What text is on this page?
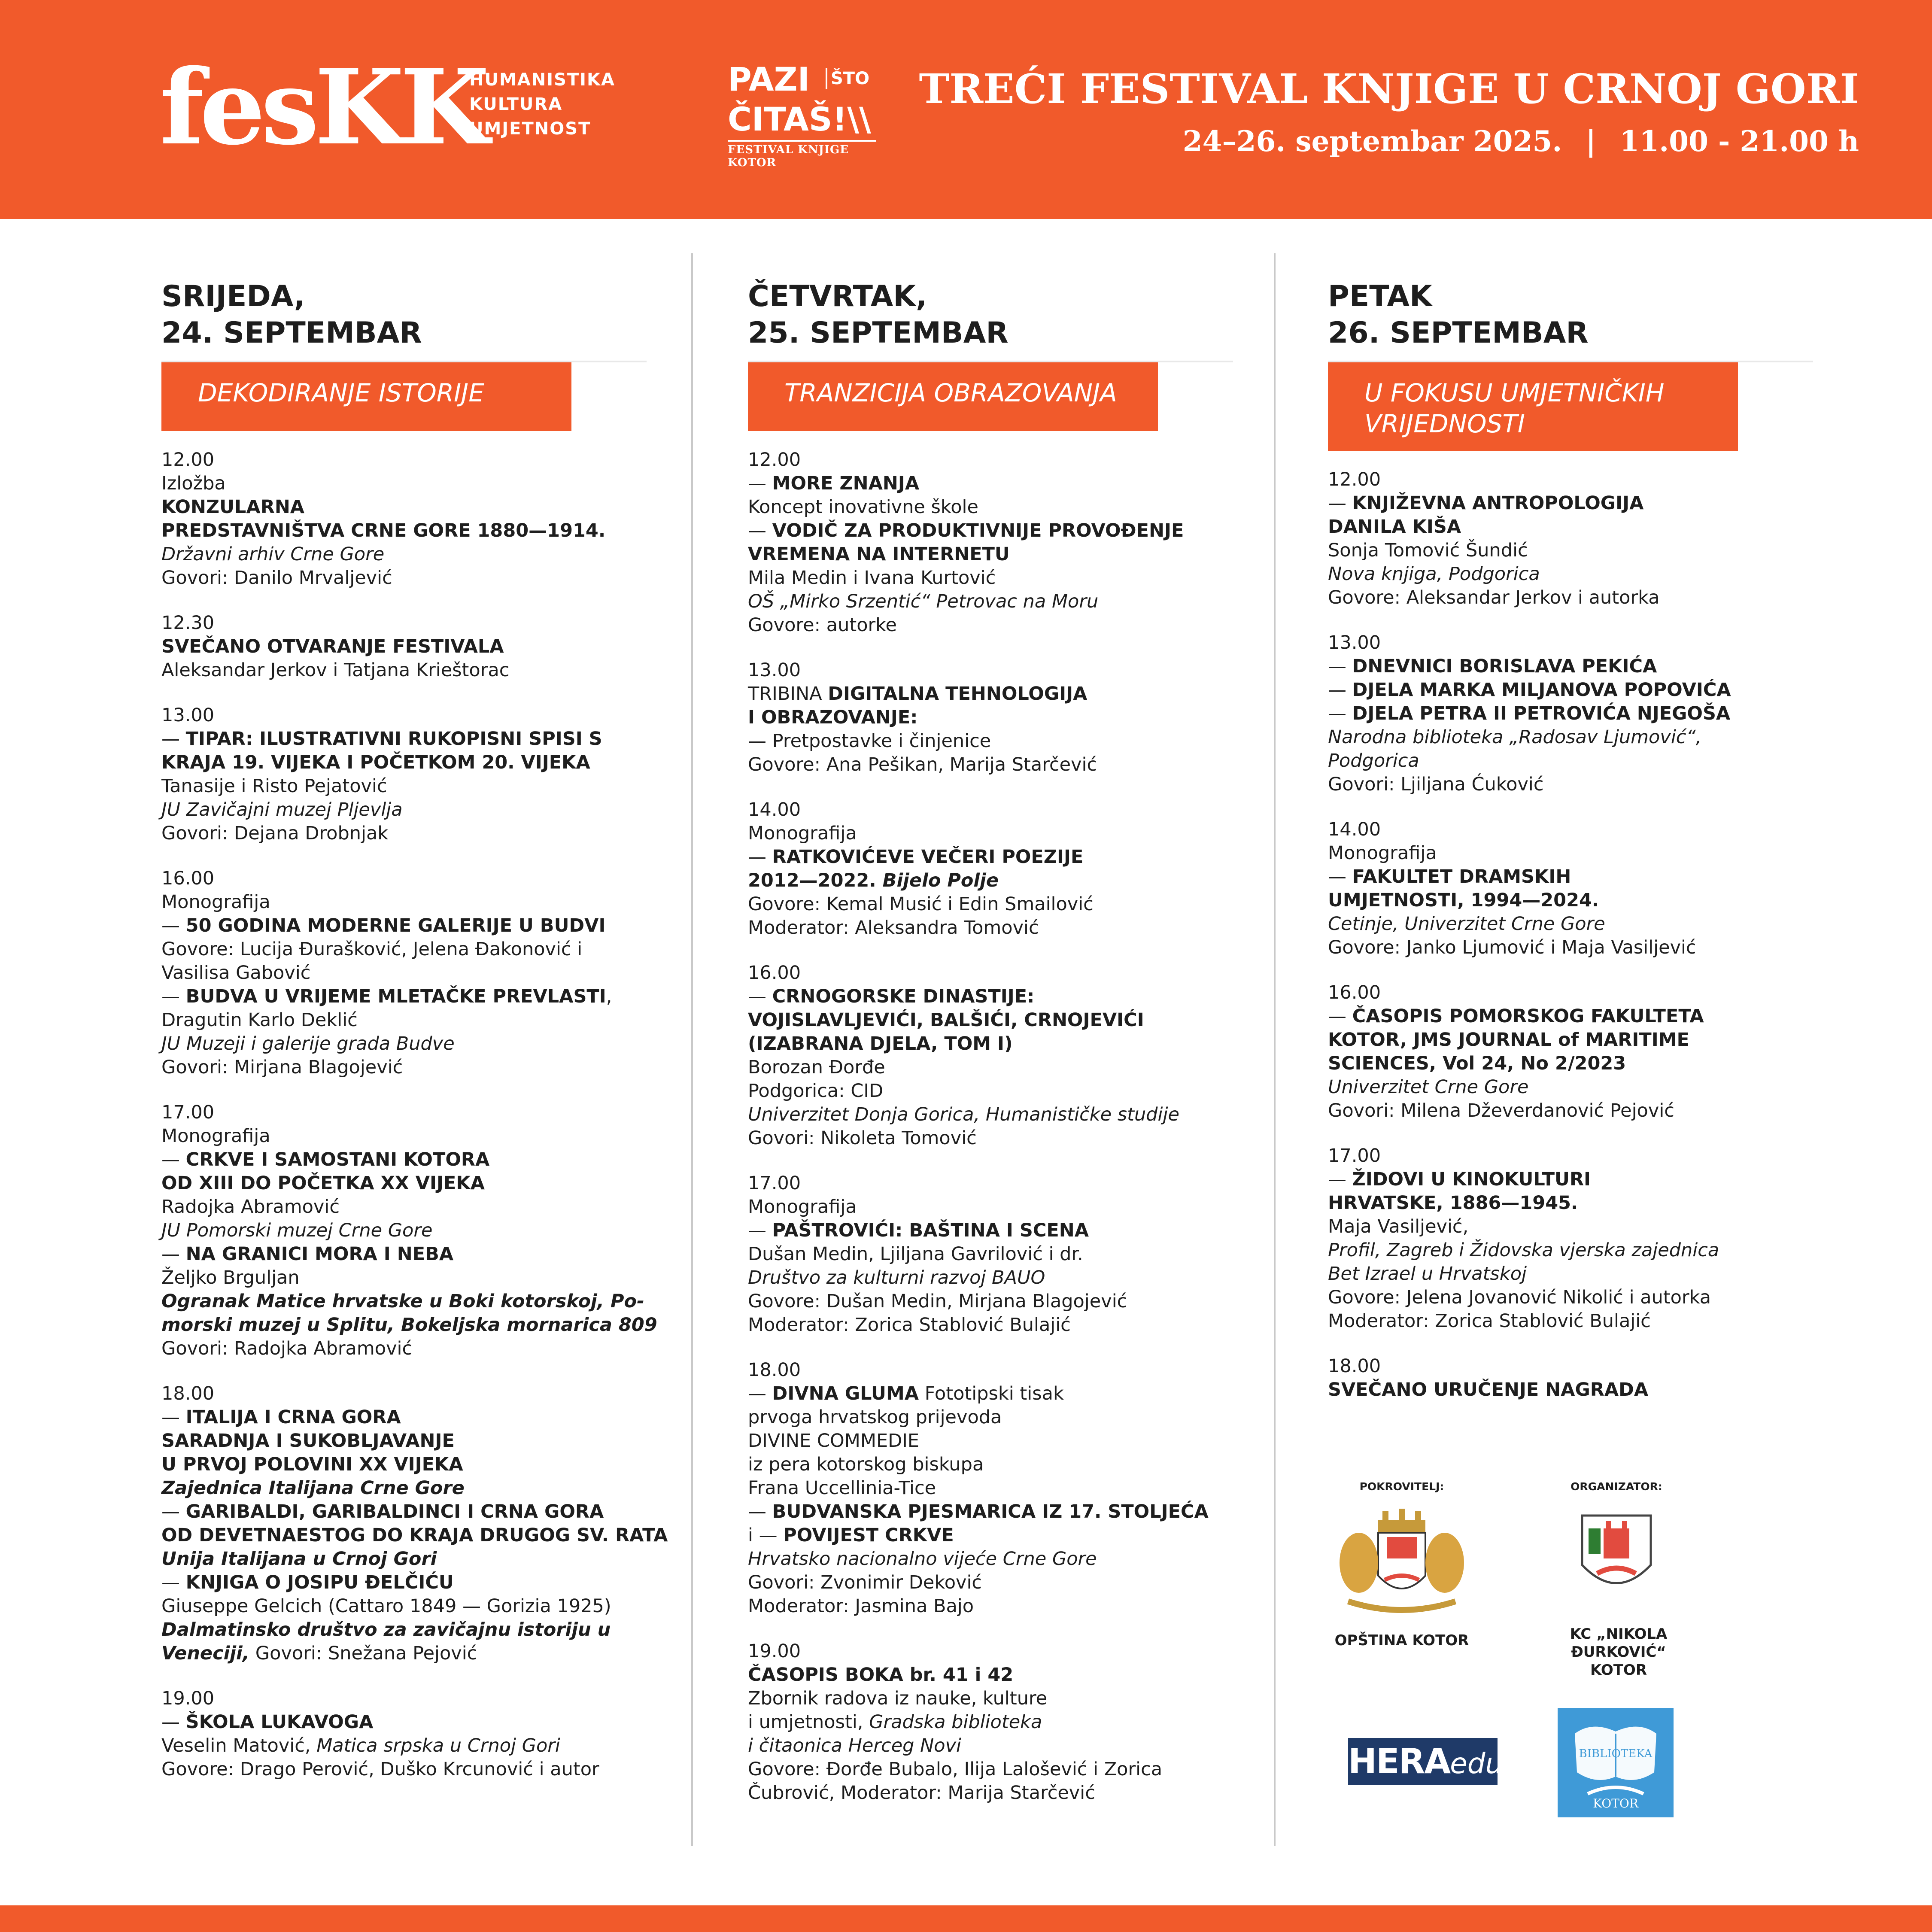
fesKK
HUMANISTIKA
KULTURA
UMJETNOST
PAZI	ŠTO
ČITAŠ!\\
FESTIVAL KNJIGE KOTOR
TREĆI FESTIVAL KNJIGE U CRNOJ GORI
24–26. septembar 2025. | 11.00 - 21.00 h
SRIJEDA,
24. SEPTEMBAR
DEKODIRANJE ISTORIJE
12.00
Izložba
KONZULARNA
PREDSTAVNIŠTVA CRNE GORE 1880—1914.
Državni arhiv Crne Gore
Govori: Danilo Mrvaljević
12.30
SVEČANO OTVARANJE FESTIVALA
Aleksandar Jerkov i Tatjana Krieštorac
13.00
— TIPAR: ILUSTRATIVNI RUKOPISNI SPISI S
KRAJA 19. VIJEKA I POČETKOM 20. VIJEKA
Tanasije i Risto Pejatović
JU Zavičajni muzej Pljevlja
Govori: Dejana Drobnjak
16.00
Monografija
— 50 GODINA MODERNE GALERIJE U BUDVI
Govore: Lucija Đurašković, Jelena Đakonović i
Vasilisa Gabović
— BUDVA U VRIJEME MLETAČKE PREVLASTI,
Dragutin Karlo Deklić
JU Muzeji i galerije grada Budve
Govori: Mirjana Blagojević
17.00
Monografija
— CRKVE I SAMOSTANI KOTORA
OD XIII DO POČETKA XX VIJEKA
Radojka Abramović
JU Pomorski muzej Crne Gore
— NA GRANICI MORA I NEBA
Željko Brguljan
Ogranak Matice hrvatske u Boki kotorskoj, Po-
morski muzej u Splitu, Bokeljska mornarica 809
Govori: Radojka Abramović
18.00
— ITALIJA I CRNA GORA
SARADNJA I SUKOBLJAVANJE
U PRVOJ POLOVINI XX VIJEKA
Zajednica Italijana Crne Gore
— GARIBALDI, GARIBALDINCI I CRNA GORA
OD DEVETNAESTOG DO KRAJA DRUGOG SV. RATA
Unija Italijana u Crnoj Gori
— KNJIGA O JOSIPU ĐELČIĆU
Giuseppe Gelcich (Cattaro 1849 — Gorizia 1925)
Dalmatinsko društvo za zavičajnu istoriju u
Veneciji, Govori: Snežana Pejović
19.00
— ŠKOLA LUKAVOGA
Veselin Matović, Matica srpska u Crnoj Gori
Govore: Drago Perović, Duško Krcunović i autor
ČETVRTAK,
25. SEPTEMBAR
TRANZICIJA OBRAZOVANJA
12.00
— MORE ZNANJA
Koncept inovativne škole
— VODIČ ZA PRODUKTIVNIJE PROVOĐENJE
VREMENA NA INTERNETU
Mila Medin i Ivana Kurtović
OŠ „Mirko Srzentić“ Petrovac na Moru
Govore: autorke
13.00
TRIBINA DIGITALNA TEHNOLOGIJA
I OBRAZOVANJE:
— Pretpostavke i činjenice
Govore: Ana Pešikan, Marija Starčević
14.00
Monografija
— RATKOVIĆEVE VEČERI POEZIJE
2012—2022. Bijelo Polje
Govore: Kemal Musić i Edin Smailović
Moderator: Aleksandra Tomović
16.00
— CRNOGORSKE DINASTIJE:
VOJISLAVLJEVIĆI, BALŠIĆI, CRNOJEVIĆI
(IZABRANA DJELA, TOM I)
Borozan Đorđe
Podgorica: CID
Univerzitet Donja Gorica, Humanističke studije
Govori: Nikoleta Tomović
17.00
Monografija
— PAŠTROVIĆI: BAŠTINA I SCENA
Dušan Medin, Ljiljana Gavrilović i dr.
Društvo za kulturni razvoj BAUO
Govore: Dušan Medin, Mirjana Blagojević
Moderator: Zorica Stablović Bulajić
18.00
— DIVNA GLUMA Fototipski tisak
prvoga hrvatskog prijevoda
DIVINE COMMEDIE
iz pera kotorskog biskupa
Frana Uccellinia-Tice
— BUDVANSKA PJESMARICA IZ 17. STOLJEĆA
i — POVIJEST CRKVE
Hrvatsko nacionalno vijeće Crne Gore
Govori: Zvonimir Deković
Moderator: Jasmina Bajo
19.00
ČASOPIS BOKA br. 41 i 42
Zbornik radova iz nauke, kulture
i umjetnosti, Gradska biblioteka
i čitaonica Herceg Novi
Govore: Đorđe Bubalo, Ilija Lalošević i Zorica
Čubrović, Moderator: Marija Starčević
PETAK
26. SEPTEMBAR
U FOKUSU UMJETNIČKIH VRIJEDNOSTI
12.00
— KNJIŽEVNA ANTROPOLOGIJA
DANILA KIŠA
Sonja Tomović Šundić
Nova knjiga, Podgorica
Govore: Aleksandar Jerkov i autorka
13.00
— DNEVNICI BORISLAVA PEKIĆA
— DJELA MARKA MILJANOVA POPOVIĆA
— DJELA PETRA II PETROVIĆA NJEGOŠA
Narodna biblioteka „Radosav Ljumović“,
Podgorica
Govori: Ljiljana Ćuković
14.00
Monografija
— FAKULTET DRAMSKIH
UMJETNOSTI, 1994—2024.
Cetinje, Univerzitet Crne Gore
Govore: Janko Ljumović i Maja Vasiljević
16.00
— ČASOPIS POMORSKOG FAKULTETA
KOTOR, JMS JOURNAL of MARITIME
SCIENCES, Vol 24, No 2/2023
Univerzitet Crne Gore
Govori: Milena Dževerdanović Pejović
17.00
— ŽIDOVI U KINOKULTURI
HRVATSKE, 1886—1945.
Maja Vasiljević,
Profil, Zagreb i Židovska vjerska zajednica
Bet Izrael u Hrvatskoj
Govore: Jelena Jovanović Nikolić i autorka
Moderator: Zorica Stablović Bulajić
18.00
SVEČANO URUČENJE NAGRADA
POKROVITELJ:
OPŠTINA KOTOR
ORGANIZATOR:
KC „NIKOLA ĐURKOVIĆ“
KOTOR
HERAedu	BIBLIOTEKA
KOTOR
